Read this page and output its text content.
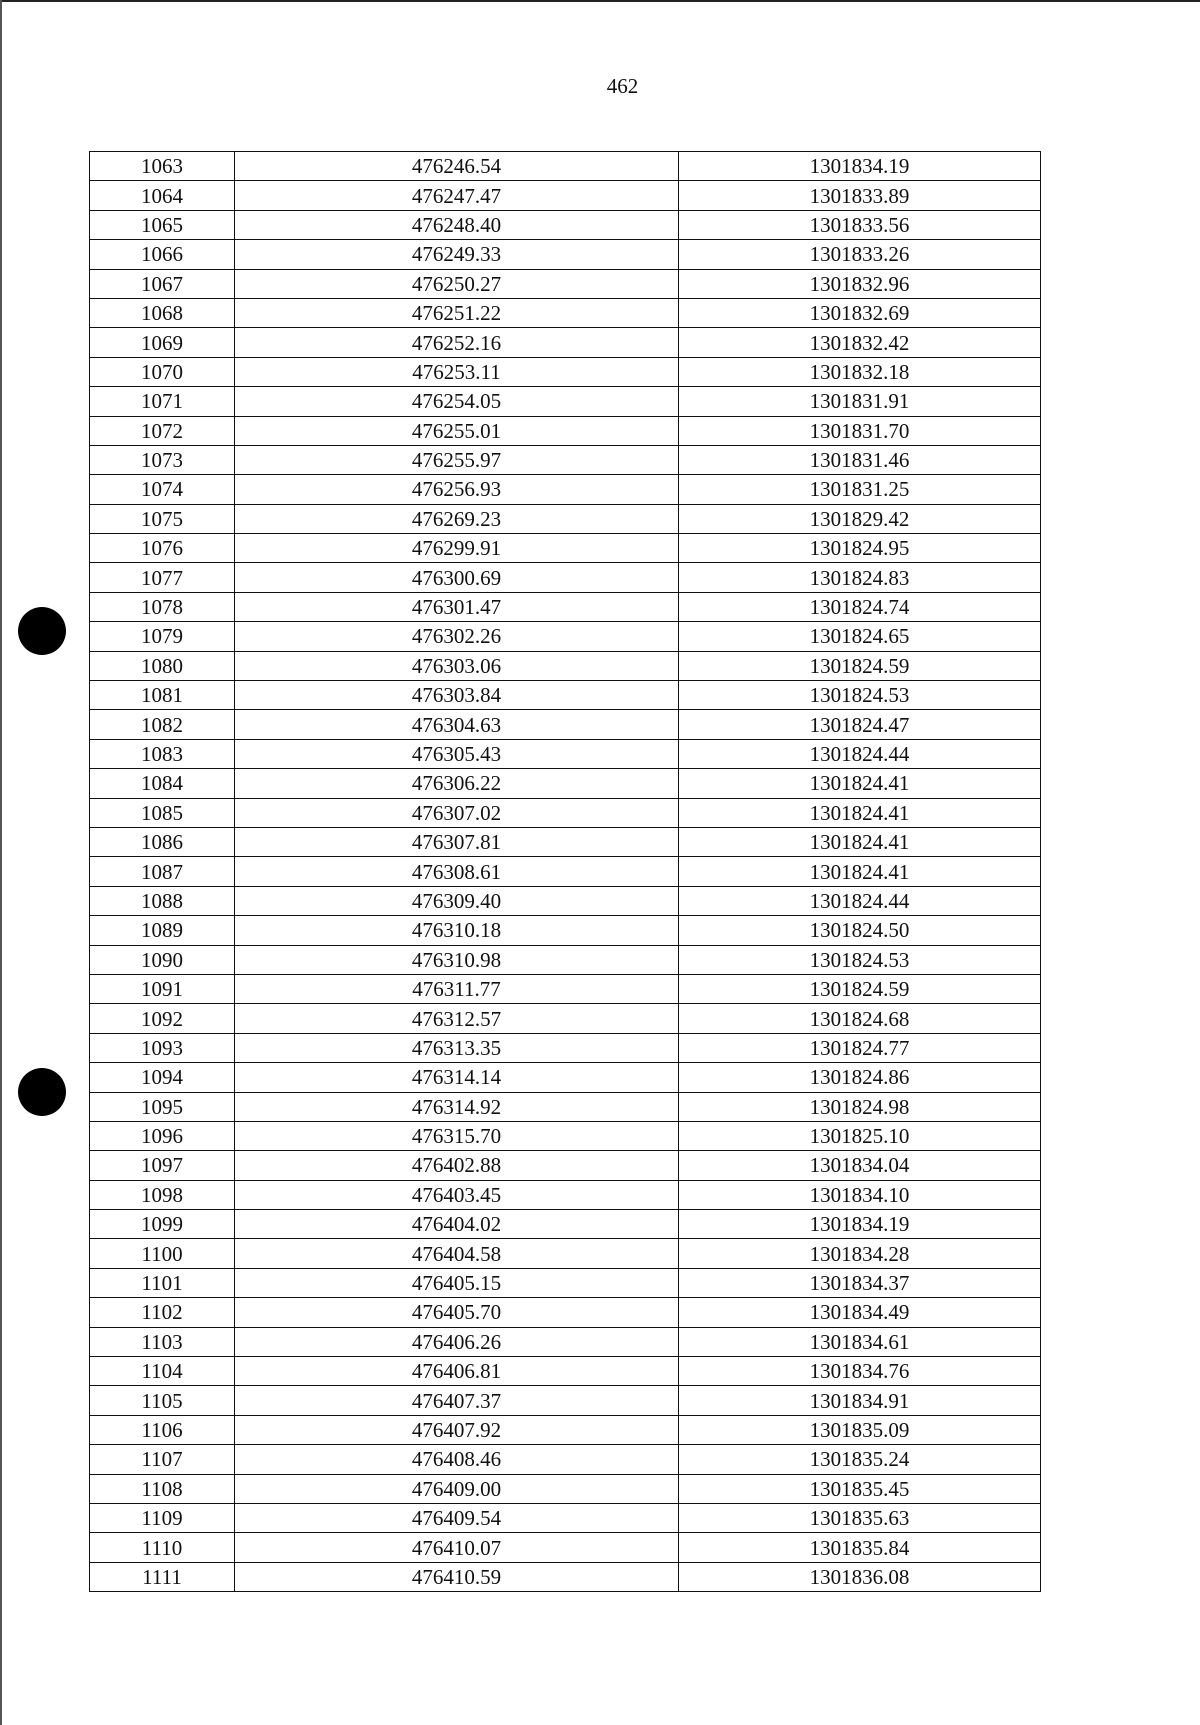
462
1063	476246.54	1301834.19
1064	476247.47	1301833.89
1065	476248.40	1301833.56
1066	476249.33	1301833.26
1067	476250.27	1301832.96
1068	476251.22	1301832.69
1069	476252.16	1301832.42
1070	476253.11	1301832.18
1071	476254.05	1301831.91
1072	476255.01	1301831.70
1073	476255.97	1301831.46
1074	476256.93	1301831.25
1075	476269.23	1301829.42
1076	476299.91	1301824.95
1077	476300.69	1301824.83
1078	476301.47	1301824.74
1079	476302.26	1301824.65
1080	476303.06	1301824.59
1081	476303.84	1301824.53
1082	476304.63	1301824.47
1083	476305.43	1301824.44
1084	476306.22	1301824.41
1085	476307.02	1301824.41
1086	476307.81	1301824.41
1087	476308.61	1301824.41
1088	476309.40	1301824.44
1089	476310.18	1301824.50
1090	476310.98	1301824.53
1091	476311.77	1301824.59
1092	476312.57	1301824.68
1093	476313.35	1301824.77
1094	476314.14	1301824.86
1095	476314.92	1301824.98
1096	476315.70	1301825.10
1097	476402.88	1301834.04
1098	476403.45	1301834.10
1099	476404.02	1301834.19
1100	476404.58	1301834.28
1101	476405.15	1301834.37
1102	476405.70	1301834.49
1103	476406.26	1301834.61
1104	476406.81	1301834.76
1105	476407.37	1301834.91
1106	476407.92	1301835.09
1107	476408.46	1301835.24
1108	476409.00	1301835.45
1109	476409.54	1301835.63
1110	476410.07	1301835.84
1111	476410.59	1301836.08
